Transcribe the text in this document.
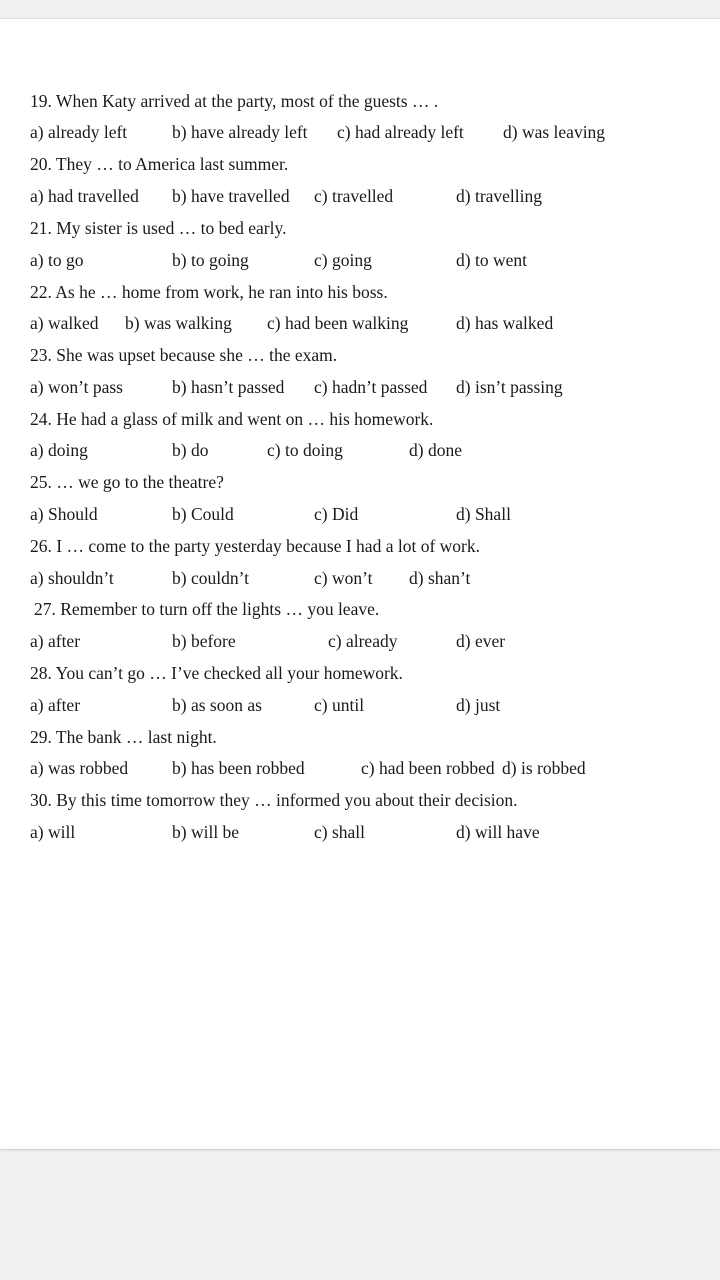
19. When Katy arrived at the party, most of the guests … .
a) already left	b) have already left c) had already left d) was leaving
20. They … to America last summer.
a) had travelled b) have travelled c) travelled	d) travelling
21. My sister is used … to bed early.
a) to go	b) to going	c) going	d) to went
22. As he … home from work, he ran into his boss.
a) walked b) was walking c) had been walking	d) has walked
23. She was upset because she … the exam.
a) won’t pass	b) hasn’t passed c) hadn’t passed d) isn’t passing
24. He had a glass of milk and went on … his homework.
a) doing	b) do	c) to doing	d) done
25. … we go to the theatre?
a) Should	b) Could	c) Did	d) Shall
26. I … come to the party yesterday because I had a lot of work.
a) shouldn’t	b) couldn’t	c) won’t d) shan’t
27. Remember to turn off the lights … you leave.
a) after	b) before	c) already	d) ever
28. You can’t go … I’ve checked all your homework.
a) after	b) as soon as	c) until	d) just
29. The bank … last night.
a) was robbed	b) has been robbed	c) had been robbed d) is robbed
30. By this time tomorrow they … informed you about their decision.
a) will	b) will be	c) shall	d) will have
